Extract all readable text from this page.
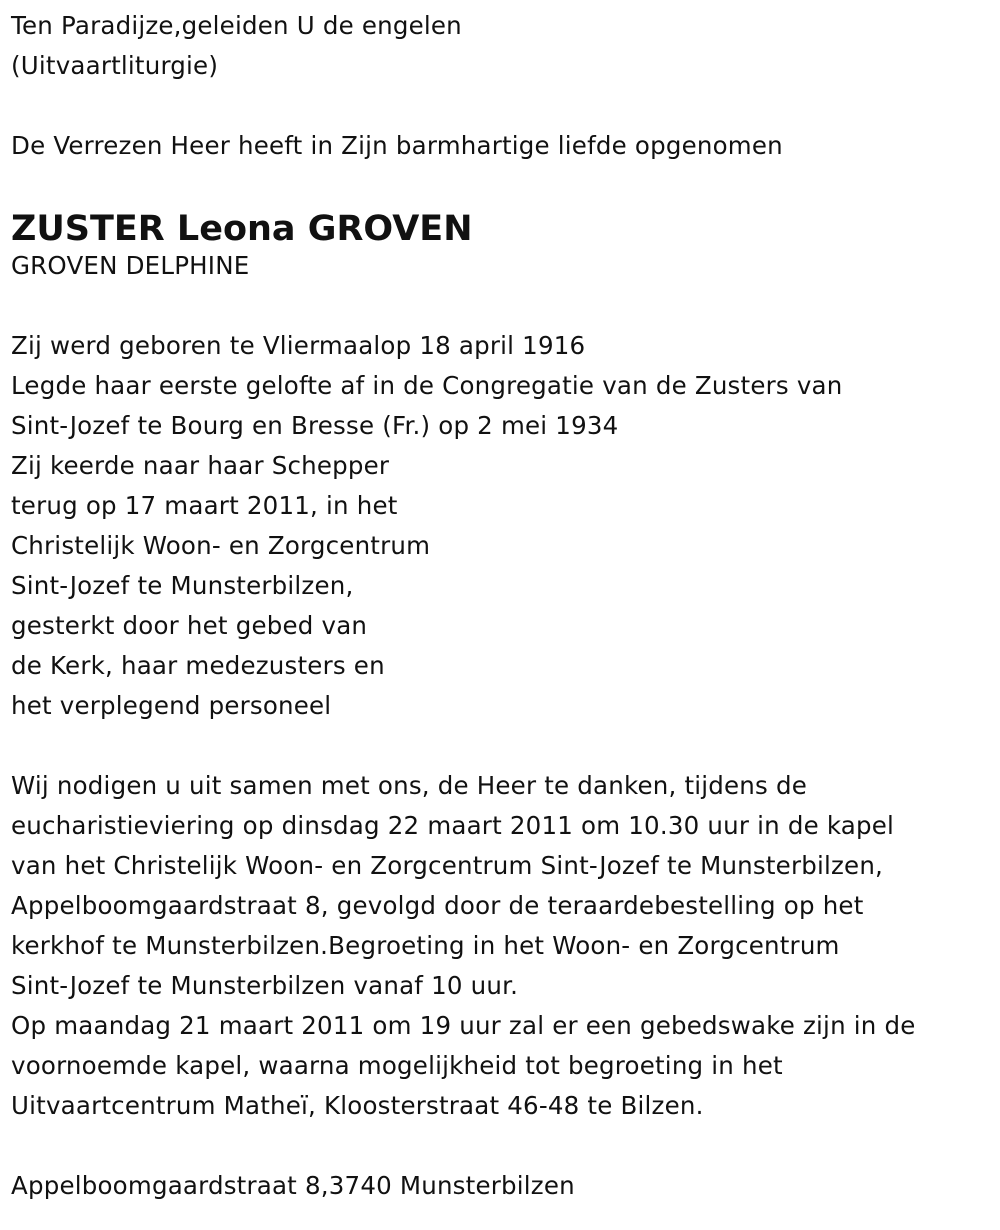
Ten Paradijze,geleiden U de engelen
(Uitvaartliturgie)
De Verrezen Heer heeft in Zijn barmhartige liefde opgenomen
ZUSTER Leona GROVEN
GROVEN DELPHINE
Zij werd geboren te Vliermaalop 18 april 1916
Legde haar eerste gelofte af in de Congregatie van de Zusters van
Sint-Jozef te Bourg en Bresse (Fr.) op 2 mei 1934
Zij keerde naar haar Schepper
terug op 17 maart 2011, in het
Christelijk Woon- en Zorgcentrum
Sint-Jozef te Munsterbilzen,
gesterkt door het gebed van
de Kerk, haar medezusters en
het verplegend personeel
Wij nodigen u uit samen met ons, de Heer te danken, tijdens de
eucharistieviering op dinsdag 22 maart 2011 om 10.30 uur in de kapel
van het Christelijk Woon- en Zorgcentrum Sint-Jozef te Munsterbilzen,
Appelboomgaardstraat 8, gevolgd door de teraardebestelling op het
kerkhof te Munsterbilzen.Begroeting in het Woon- en Zorgcentrum
Sint-Jozef te Munsterbilzen vanaf 10 uur.
Op maandag 21 maart 2011 om 19 uur zal er een gebedswake zijn in de
voornoemde kapel, waarna mogelijkheid tot begroeting in het
Uitvaartcentrum Matheï, Kloosterstraat 46-48 te Bilzen.
Appelboomgaardstraat 8,3740 Munsterbilzen
